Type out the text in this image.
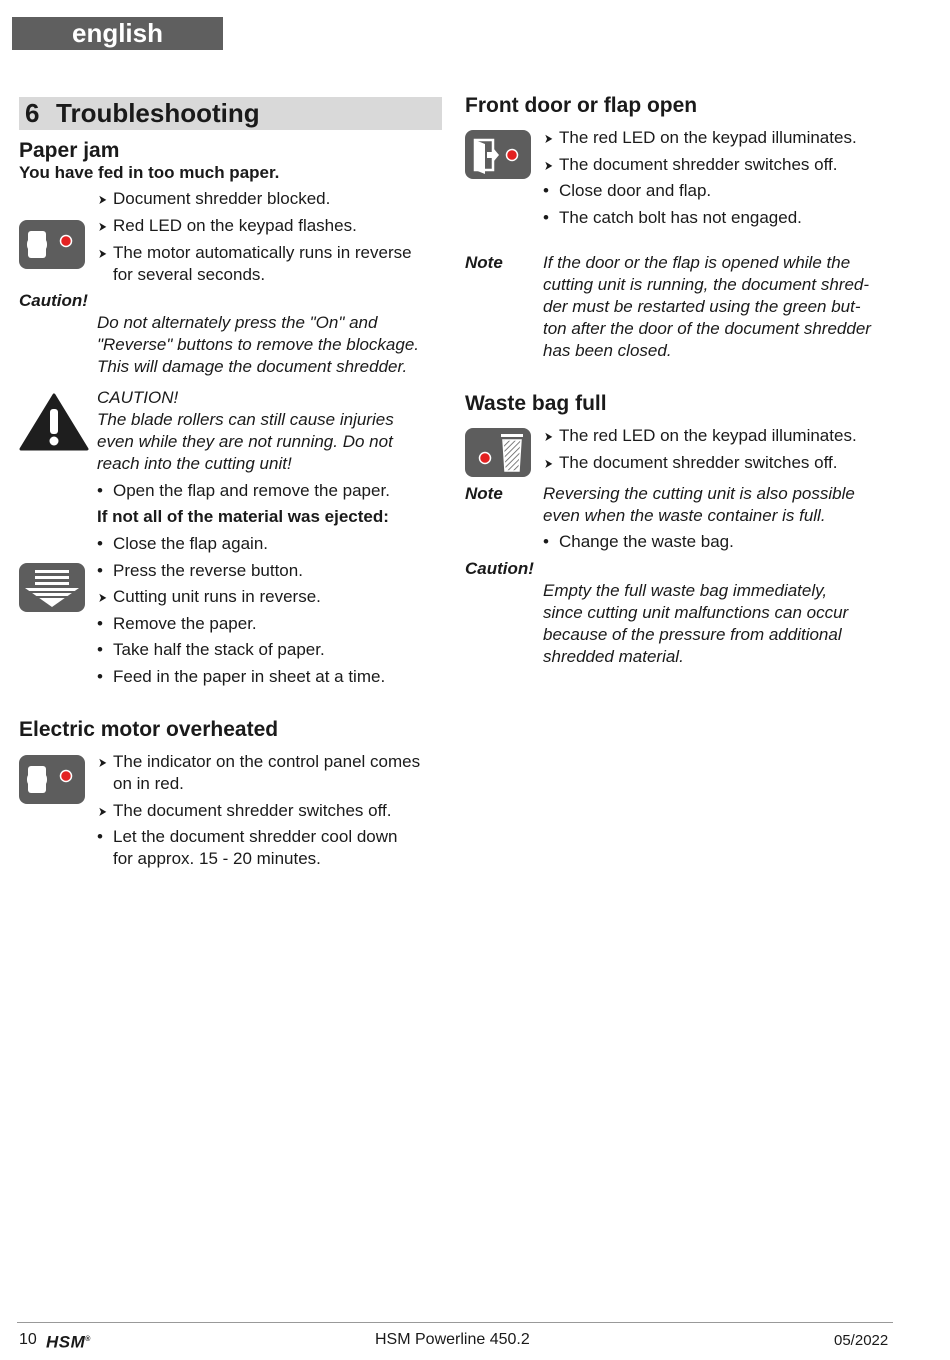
english
6 Troubleshooting
Paper jam
You have fed in too much paper.
➤ Document shredder blocked.
➤ Red LED on the keypad flashes.
➤ The motor automatically runs in reverse
for several seconds.
Caution!
Do not alternately press the "On" and
"Reverse" buttons to remove the blockage.
This will damage the document shredder.
CAUTION!
The blade rollers can still cause injuries
even while they are not running. Do not
reach into the cutting unit!
• Open the flap and remove the paper.
If not all of the material was ejected:
• Close the flap again.
• Press the reverse button.
➤ Cutting unit runs in reverse.
• Remove the paper.
• Take half the stack of paper.
• Feed in the paper in sheet at a time.
Electric motor overheated
➤ The indicator on the control panel comes
on in red.
➤ The document shredder switches off.
• Let the document shredder cool down
for approx. 15 - 20 minutes.
Front door or flap open
➤ The red LED on the keypad illuminates.
➤ The document shredder switches off.
• Close door and flap.
• The catch bolt has not engaged.
Note If the door or the flap is opened while the
cutting unit is running, the document shred-
der must be restarted using the green but-
ton after the door of the document shredder
has been closed.
Waste bag full
➤ The red LED on the keypad illuminates.
➤ The document shredder switches off.
Note Reversing the cutting unit is also possible
even when the waste container is full.
• Change the waste bag.
Caution!
Empty the full waste bag immediately,
since cutting unit malfunctions can occur
because of the pressure from additional
shredded material.
10 HSM®	HSM Powerline 450.2	05/2022
